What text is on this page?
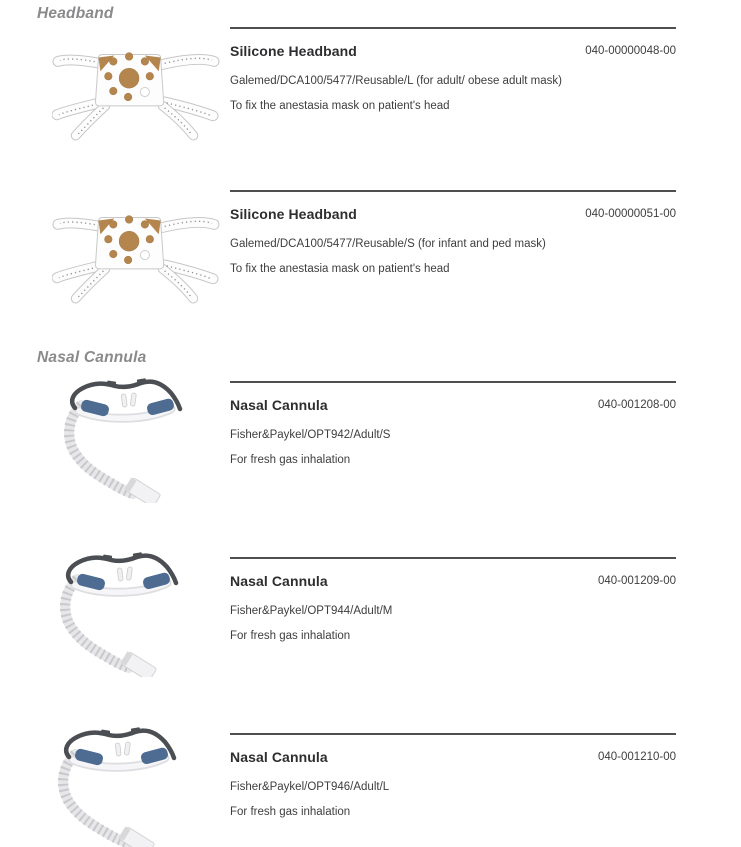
Headband
Silicone Headband	040-00000048-00
Galemed/DCA100/5477/Reusable/L (for adult/ obese adult mask)
To fix the anestasia mask on patient's head
Silicone Headband	040-00000051-00
Galemed/DCA100/5477/Reusable/S (for infant and ped mask)
To fix the anestasia mask on patient's head
Nasal Cannula
Nasal Cannula	040-001208-00
Fisher&Paykel/OPT942/Adult/S
For fresh gas inhalation
Nasal Cannula	040-001209-00
Fisher&Paykel/OPT944/Adult/M
For fresh gas inhalation
Nasal Cannula	040-001210-00
Fisher&Paykel/OPT946/Adult/L
For fresh gas inhalation
